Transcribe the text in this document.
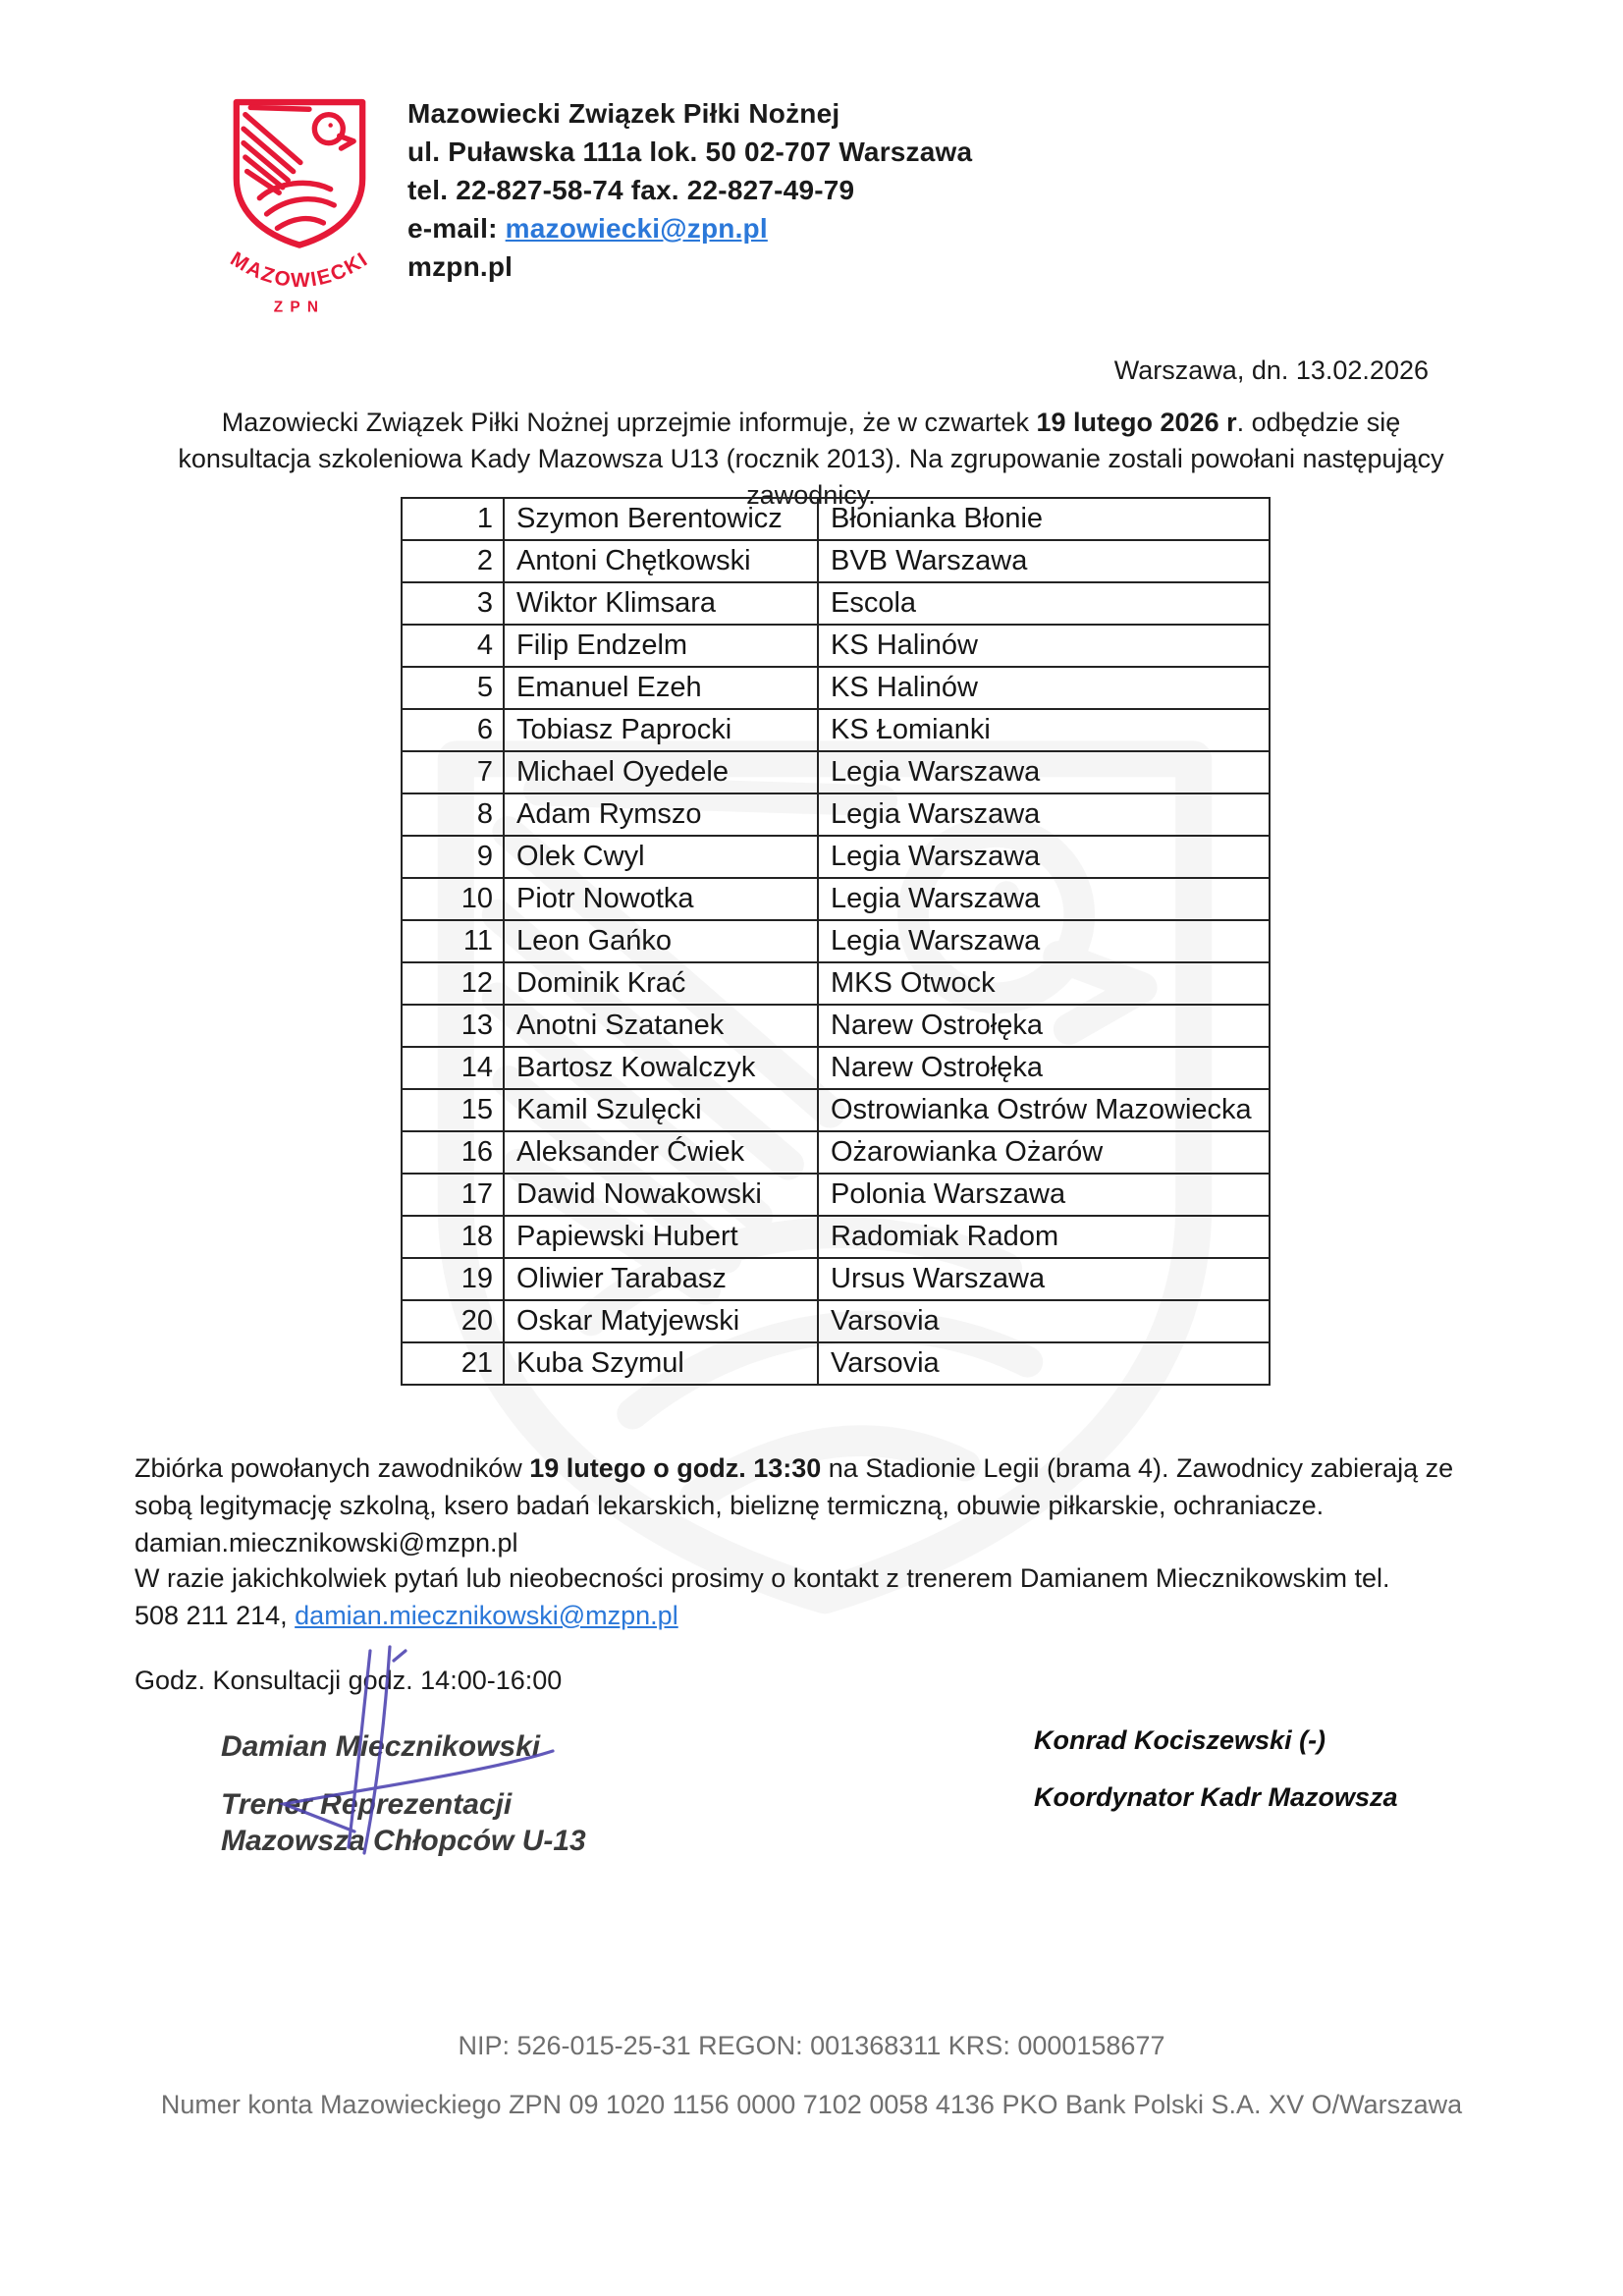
MAZOWIECKI
ZPN
Mazowiecki Związek Piłki Nożnej
ul. Puławska 111a lok. 50 02-707 Warszawa
tel. 22-827-58-74 fax. 22-827-49-79
e-mail: mazowiecki@zpn.pl
mzpn.pl
Warszawa, dn. 13.02.2026

Mazowiecki Związek Piłki Nożnej uprzejmie informuje, że w czwartek 19 lutego 2026 r. odbędzie się konsultacja szkoleniowa Kady Mazowsza U13 (rocznik 2013). Na zgrupowanie zostali powołani następujący zawodnicy.

1	Szymon Berentowicz	Błonianka Błonie
2	Antoni Chętkowski	BVB Warszawa
3	Wiktor Klimsara	Escola
4	Filip Endzelm	KS Halinów
5	Emanuel Ezeh	KS Halinów
6	Tobiasz Paprocki	KS Łomianki
7	Michael Oyedele	Legia Warszawa
8	Adam Rymszo	Legia Warszawa
9	Olek Cwyl	Legia Warszawa
10	Piotr Nowotka	Legia Warszawa
11	Leon Gańko	Legia Warszawa
12	Dominik Krać	MKS Otwock
13	Anotni Szatanek	Narew Ostrołęka
14	Bartosz Kowalczyk	Narew Ostrołęka
15	Kamil Szulęcki	Ostrowianka Ostrów Mazowiecka
16	Aleksander Ćwiek	Ożarowianka Ożarów
17	Dawid Nowakowski	Polonia Warszawa
18	Papiewski Hubert	Radomiak Radom
19	Oliwier Tarabasz	Ursus Warszawa
20	Oskar Matyjewski	Varsovia
21	Kuba Szymul	Varsovia

Zbiórka powołanych zawodników 19 lutego o godz. 13:30 na Stadionie Legii (brama 4). Zawodnicy zabierają ze sobą legitymację szkolną, ksero badań lekarskich, bieliznę termiczną, obuwie piłkarskie, ochraniacze.
damian.miecznikowski@mzpn.pl

W razie jakichkolwiek pytań lub nieobecności prosimy o kontakt z trenerem Damianem Miecznikowskim tel.
508 211 214, damian.miecznikowski@mzpn.pl

Godz. Konsultacji godz. 14:00-16:00

Damian Miecznikowski
Trener Reprezentacji
Mazowsza Chłopców U-13
Konrad Kociszewski (-)
Koordynator Kadr Mazowsza
NIP: 526-015-25-31 REGON: 001368311 KRS: 0000158677
Numer konta Mazowieckiego ZPN 09 1020 1156 0000 7102 0058 4136 PKO Bank Polski S.A. XV O/Warszawa
